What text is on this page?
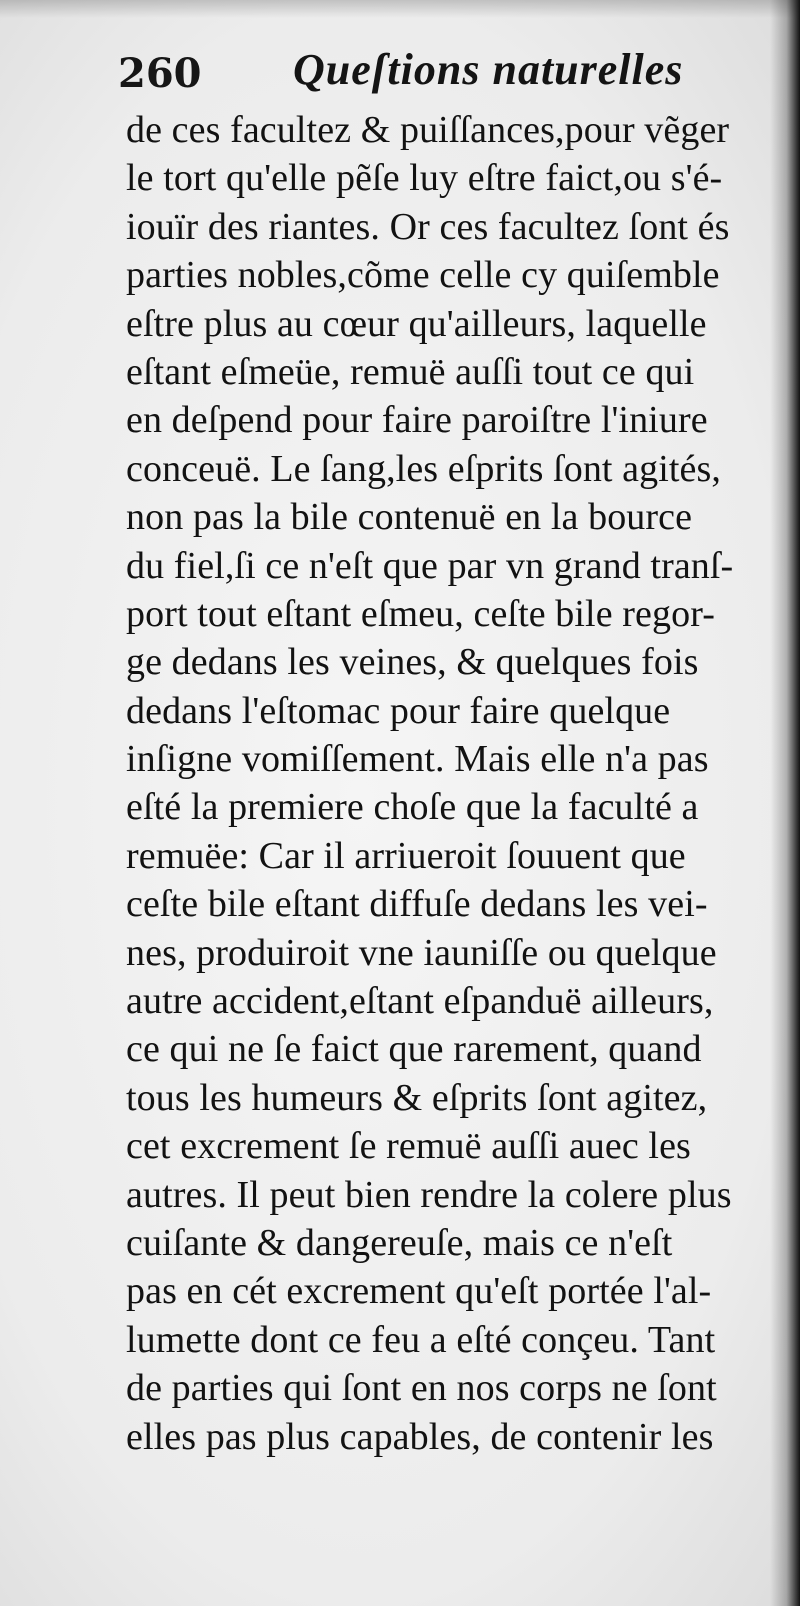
260 Queſtions naturelles
de ces facultez & puiſſances,pour vẽger
le tort qu'elle pẽſe luy eſtre faict,ou s'é-
iouïr des riantes. Or ces facultez ſont és
parties nobles,cõme celle cy quiſemble
eſtre plus au cœur qu'ailleurs, laquelle
eſtant eſmeüe, remuë auſſi tout ce qui
en deſpend pour faire paroiſtre l'iniure
conceuë. Le ſang,les eſprits ſont agités,
non pas la bile contenuë en la bource
du fiel,ſi ce n'eſt que par vn grand tranſ-
port tout eſtant eſmeu, ceſte bile regor-
ge dedans les veines, & quelques fois
dedans l'eſtomac pour faire quelque
inſigne vomiſſement. Mais elle n'a pas
eſté la premiere choſe que la faculté a
remuëe: Car il arriueroit ſouuent que
ceſte bile eſtant diffuſe dedans les vei-
nes, produiroit vne iauniſſe ou quelque
autre accident,eſtant eſpanduë ailleurs,
ce qui ne ſe faict que rarement, quand
tous les humeurs & eſprits ſont agitez,
cet excrement ſe remuë auſſi auec les
autres. Il peut bien rendre la colere plus
cuiſante & dangereuſe, mais ce n'eſt
pas en cét excrement qu'eſt portée l'al-
lumette dont ce feu a eſté conçeu. Tant
de parties qui ſont en nos corps ne ſont
elles pas plus capables, de contenir les
